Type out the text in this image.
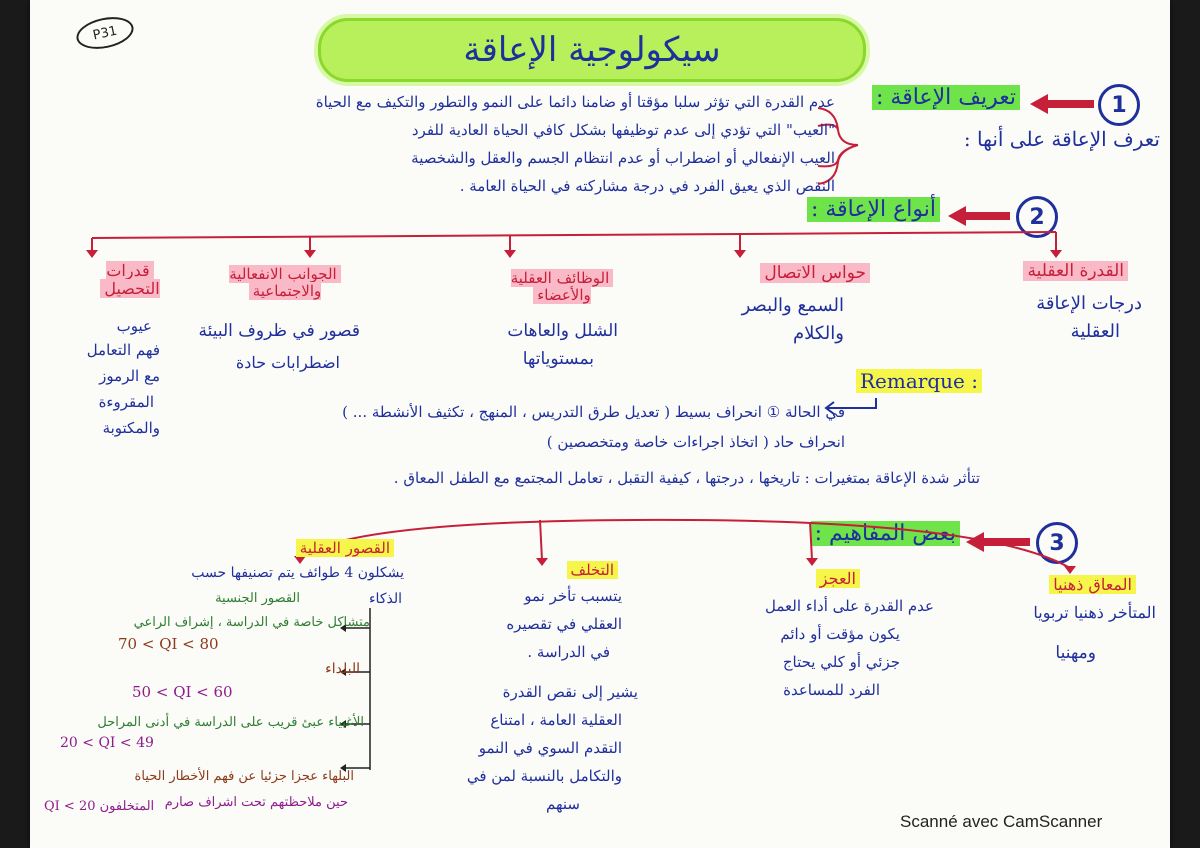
P31	سيكولوجية الإعاقة
1
تعريف الإعاقة :
تعرف الإعاقة على أنها :
عدم القدرة التي تؤثر سلبا مؤقتا أو ضامنا دائما على النمو والتطور والتكيف مع الحياة
"العيب" التي تؤدي إلى عدم توظيفها بشكل كافي الحياة العادية للفرد
العيب الإنفعالي أو اضطراب أو عدم انتظام الجسم والعقل والشخصية
النقص الذي يعيق الفرد في درجة مشاركته في الحياة العامة .
2
أنواع الإعاقة :
القدرة العقلية
درجات الإعاقة
العقلية
حواس الاتصال
السمع والبصر
والكلام
الوظائف العقلية والأعضاء
الشلل والعاهات
بمستوياتها
الجوانب الانفعالية والاجتماعية
قصور في ظروف البيئة
اضطرابات حادة
قدرات التحصيل
عيوب
فهم التعامل
مع الرموز
المقروءة
والمكتوبة
Remarque :
في الحالة ① انحراف بسيط ( تعديل طرق التدريس ، المنهج ، تكثيف الأنشطة ... )
انحراف حاد ( اتخاذ اجراءات خاصة ومتخصصين )
تتأثر شدة الإعاقة بمتغيرات : تاريخها ، درجتها ، كيفية التقبل ، تعامل المجتمع مع الطفل المعاق .
3
بعض المفاهيم :
المعاق ذهنيا
المتأخر ذهنيا تربويا
ومهنيا
العجز
عدم القدرة على أداء العمل
يكون مؤقت أو دائم
جزئي أو كلي يحتاج
الفرد للمساعدة
التخلف
يتسبب تأخر نمو
العقلي في تقصيره
في الدراسة .
يشير إلى نقص القدرة
العقلية العامة ، امتناع
التقدم السوي في النمو
والتكامل بالنسبة لمن في
سنهم
القصور العقلية
يشكلون 4 طوائف يتم تصنيفها حسب
الذكاء
القصور الجنسية
متشاكل خاصة في الدراسة ، إشراف الراعي
70 < QI < 80
البلداء
50 < QI < 60
الأغبياء عبئ قريب على الدراسة في أدنى المراحل
20 < QI < 49
البلهاء عجزا جزئيا عن فهم الأخطار الحياة
حين ملاحظتهم تحت اشراف صارم
QI < 20 المتخلفون
Scanné avec CamScanner
